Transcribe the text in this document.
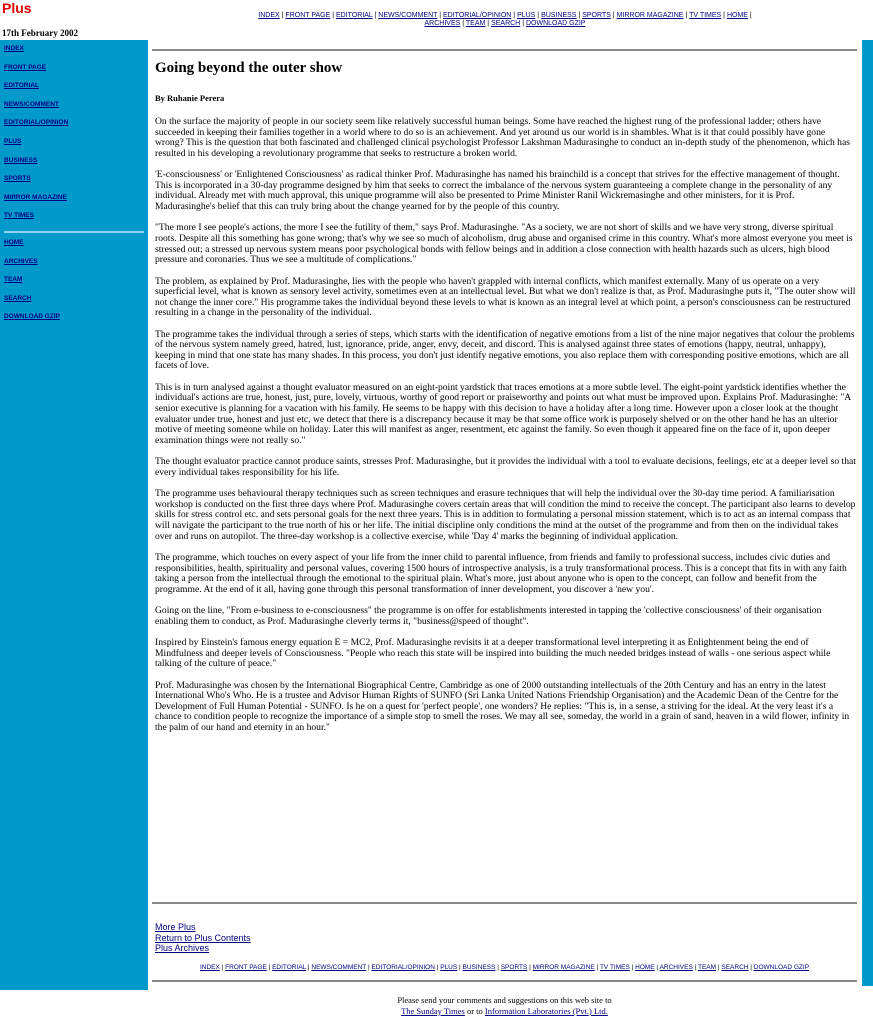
Plus
17th February 2002
INDEX | FRONT PAGE | EDITORIAL | NEWS/COMMENT | EDITORIAL/OPINION | PLUS | BUSINESS | SPORTS | MIRROR MAGAZINE | TV TIMES | HOME |
ARCHIVES | TEAM | SEARCH | DOWNLOAD GZIP
INDEX
FRONT PAGE
EDITORIAL
NEWS/COMMENT
EDITORIAL/OPINION
PLUS
BUSINESS
SPORTS
MIRROR MAGAZINE
TV TIMES
HOME
ARCHIVES
TEAM
SEARCH
DOWNLOAD GZIP
Going beyond the outer show

By Ruhanie Perera

On the surface the majority of people in our society seem like relatively successful human beings. Some have reached the highest rung of the professional ladder; others have succeeded in keeping their families together in a world where to do so is an achievement. And yet around us our world is in shambles. What is it that could possibly have gone wrong? This is the question that both fascinated and challenged clinical psychologist Professor Lakshman Madurasinghe to conduct an in-depth study of the phenomenon, which has resulted in his developing a revolutionary programme that seeks to restructure a broken world.

'E-consciousness' or 'Enlightened Consciousness' as radical thinker Prof. Madurasinghe has named his brainchild is a concept that strives for the effective management of thought. This is incorporated in a 30-day programme designed by him that seeks to correct the imbalance of the nervous system guaranteeing a complete change in the personality of any individual. Already met with much approval, this unique programme will also be presented to Prime Minister Ranil Wickremasinghe and other ministers, for it is Prof. Madurasinghe's belief that this can truly bring about the change yearned for by the people of this country.

"The more I see people's actions, the more I see the futility of them," says Prof. Madurasinghe. "As a society, we are not short of skills and we have very strong, diverse spiritual roots. Despite all this something has gone wrong; that's why we see so much of alcoholism, drug abuse and organised crime in this country. What's more almost everyone you meet is stressed out; a stressed up nervous system means poor psychological bonds with fellow beings and in addition a close connection with health hazards such as ulcers, high blood pressure and coronaries. Thus we see a multitude of complications."

The problem, as explained by Prof. Madurasinghe, lies with the people who haven't grappled with internal conflicts, which manifest externally. Many of us operate on a very superficial level, what is known as sensory level activity, sometimes even at an intellectual level. But what we don't realize is that, as Prof. Madurasinghe puts it, "The outer show will not change the inner core." His programme takes the individual beyond these levels to what is known as an integral level at which point, a person's consciousness can be restructured resulting in a change in the personality of the individual.

The programme takes the individual through a series of steps, which starts with the identification of negative emotions from a list of the nine major negatives that colour the problems of the nervous system namely greed, hatred, lust, ignorance, pride, anger, envy, deceit, and discord. This is analysed against three states of emotions (happy, neutral, unhappy), keeping in mind that one state has many shades. In this process, you don't just identify negative emotions, you also replace them with corresponding positive emotions, which are all facets of love.

This is in turn analysed against a thought evaluator measured on an eight-point yardstick that traces emotions at a more subtle level. The eight-point yardstick identifies whether the individual's actions are true, honest, just, pure, lovely, virtuous, worthy of good report or praiseworthy and points out what must be improved upon. Explains Prof. Madurasinghe: "A senior executive is planning for a vacation with his family. He seems to be happy with this decision to have a holiday after a long time. However upon a closer look at the thought evaluator under true, honest and just etc, we detect that there is a discrepancy because it may be that some office work is purposely shelved or on the other hand he has an ulterior motive of meeting someone while on holiday. Later this will manifest as anger, resentment, etc against the family. So even though it appeared fine on the face of it, upon deeper examination things were not really so."

The thought evaluator practice cannot produce saints, stresses Prof. Madurasinghe, but it provides the individual with a tool to evaluate decisions, feelings, etc at a deeper level so that every individual takes responsibility for his life.

The programme uses behavioural therapy techniques such as screen techniques and erasure techniques that will help the individual over the 30-day time period. A familiarisation workshop is conducted on the first three days where Prof. Madurasinghe covers certain areas that will condition the mind to receive the concept. The participant also learns to develop skills for stress control etc. and sets personal goals for the next three years. This is in addition to formulating a personal mission statement, which is to act as an internal compass that will navigate the participant to the true north of his or her life. The initial discipline only conditions the mind at the outset of the programme and from then on the individual takes over and runs on autopilot. The three-day workshop is a collective exercise, while 'Day 4' marks the beginning of individual application.

The programme, which touches on every aspect of your life from the inner child to parental influence, from friends and family to professional success, includes civic duties and responsibilities, health, spirituality and personal values, covering 1500 hours of introspective analysis, is a truly transformational process. This is a concept that fits in with any faith taking a person from the intellectual through the emotional to the spiritual plain. What's more, just about anyone who is open to the concept, can follow and benefit from the programme. At the end of it all, having gone through this personal transformation of inner development, you discover a 'new you'.

Going on the line, "From e-business to e-consciousness" the programme is on offer for establishments interested in tapping the 'collective consciousness' of their organisation enabling them to conduct, as Prof. Madurasinghe cleverly terms it, "business@speed of thought".

Inspired by Einstein's famous energy equation E = MC2, Prof. Madurasinghe revisits it at a deeper transformational level interpreting it as Enlightenment being the end of Mindfulness and deeper levels of Consciousness. "People who reach this state will be inspired into building the much needed bridges instead of walls - one serious aspect while talking of the culture of peace."

Prof. Madurasinghe was chosen by the International Biographical Centre, Cambridge as one of 2000 outstanding intellectuals of the 20th Century and has an entry in the latest International Who's Who. He is a trustee and Advisor Human Rights of SUNFO (Sri Lanka United Nations Friendship Organisation) and the Academic Dean of the Centre for the Development of Full Human Potential - SUNFO. Is he on a quest for 'perfect people', one wonders? He replies: "This is, in a sense, a striving for the ideal. At the very least it's a chance to condition people to recognize the importance of a simple stop to smell the roses. We may all see, someday, the world in a grain of sand, heaven in a wild flower, infinity in the palm of our hand and eternity in an hour."

More Plus
Return to Plus Contents
Plus Archives
INDEX | FRONT PAGE | EDITORIAL | NEWS/COMMENT | EDITORIAL/OPINION | PLUS | BUSINESS | SPORTS | MIRROR MAGAZINE | TV TIMES | HOME | ARCHIVES | TEAM | SEARCH | DOWNLOAD GZIP
Please send your comments and suggestions on this web site to
The Sunday Times or to Information Laboratories (Pvt.) Ltd.
